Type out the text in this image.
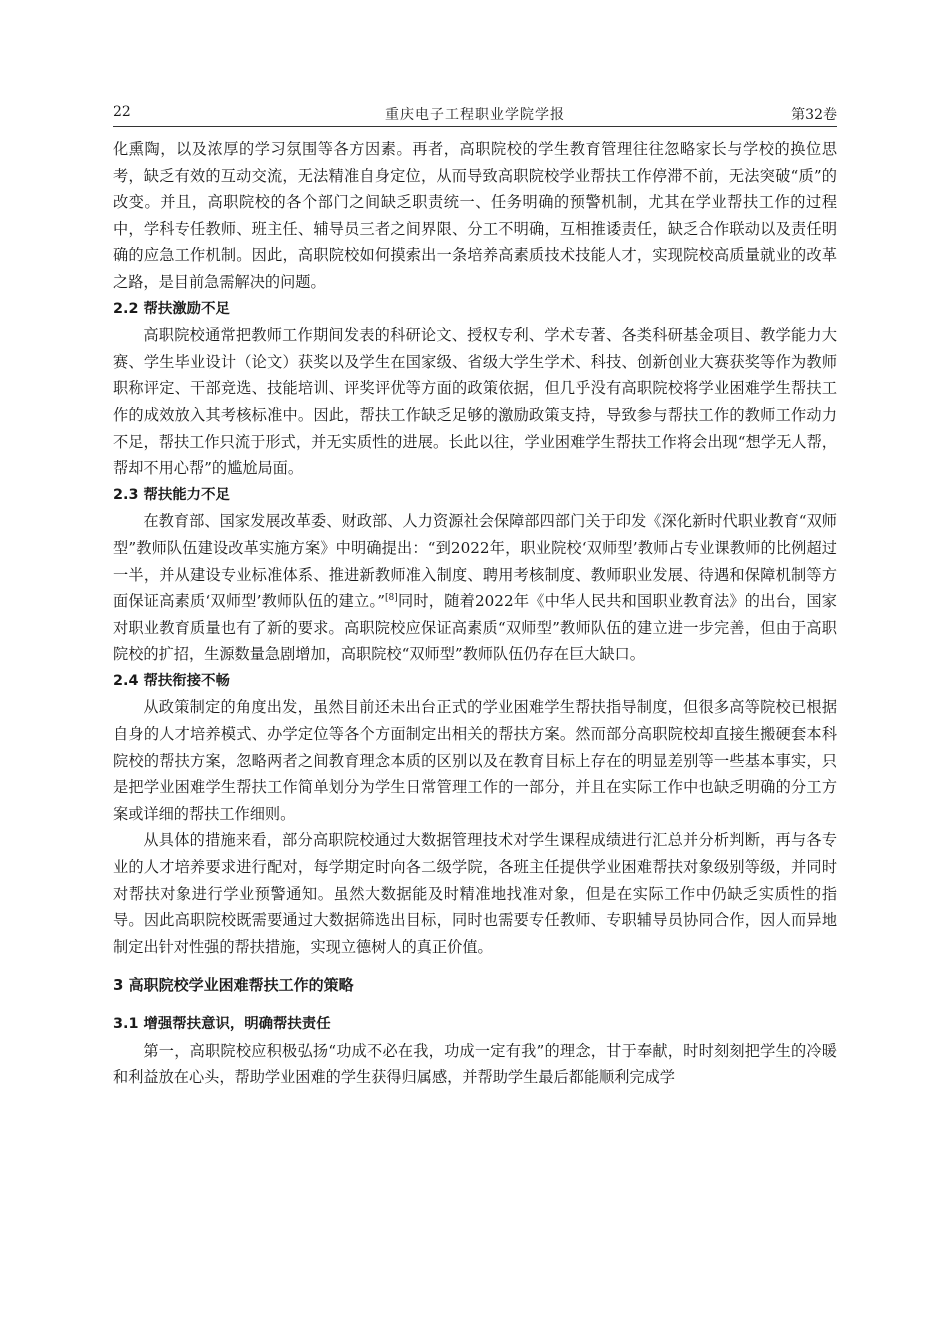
22	重庆电子工程职业学院学报	第32卷

化熏陶，以及浓厚的学习氛围等各方因素。再者，高职院校的学生教育管理往往忽略家长与学校的换位思考，缺乏有效的互动交流，无法精准自身定位，从而导致高职院校学业帮扶工作停滞不前，无法突破“质”的改变。并且，高职院校的各个部门之间缺乏职责统一、任务明确的预警机制，尤其在学业帮扶工作的过程中，学科专任教师、班主任、辅导员三者之间界限、分工不明确，互相推诿责任，缺乏合作联动以及责任明确的应急工作机制。因此，高职院校如何摸索出一条培养高素质技术技能人才，实现院校高质量就业的改革之路，是目前急需解决的问题。

2.2 帮扶激励不足

高职院校通常把教师工作期间发表的科研论文、授权专利、学术专著、各类科研基金项目、教学能力大赛、学生毕业设计（论文）获奖以及学生在国家级、省级大学生学术、科技、创新创业大赛获奖等作为教师职称评定、干部竞选、技能培训、评奖评优等方面的政策依据，但几乎没有高职院校将学业困难学生帮扶工作的成效放入其考核标准中。因此，帮扶工作缺乏足够的激励政策支持，导致参与帮扶工作的教师工作动力不足，帮扶工作只流于形式，并无实质性的进展。长此以往，学业困难学生帮扶工作将会出现“想学无人帮，帮却不用心帮”的尴尬局面。

2.3 帮扶能力不足

在教育部、国家发展改革委、财政部、人力资源社会保障部四部门关于印发《深化新时代职业教育“双师型”教师队伍建设改革实施方案》中明确提出：“到2022年，职业院校‘双师型’教师占专业课教师的比例超过一半，并从建设专业标准体系、推进新教师准入制度、聘用考核制度、教师职业发展、待遇和保障机制等方面保证高素质‘双师型’教师队伍的建立。”[8]同时，随着2022年《中华人民共和国职业教育法》的出台，国家对职业教育质量也有了新的要求。高职院校应保证高素质“双师型”教师队伍的建立进一步完善，但由于高职院校的扩招，生源数量急剧增加，高职院校“双师型”教师队伍仍存在巨大缺口。

2.4 帮扶衔接不畅

从政策制定的角度出发，虽然目前还未出台正式的学业困难学生帮扶指导制度，但很多高等院校已根据自身的人才培养模式、办学定位等各个方面制定出相关的帮扶方案。然而部分高职院校却直接生搬硬套本科院校的帮扶方案，忽略两者之间教育理念本质的区别以及在教育目标上存在的明显差别等一些基本事实，只是把学业困难学生帮扶工作简单划分为学生日常管理工作的一部分，并且在实际工作中也缺乏明确的分工方案或详细的帮扶工作细则。

从具体的措施来看，部分高职院校通过大数据管理技术对学生课程成绩进行汇总并分析判断，再与各专业的人才培养要求进行配对，每学期定时向各二级学院，各班主任提供学业困难帮扶对象级别等级，并同时对帮扶对象进行学业预警通知。虽然大数据能及时精准地找准对象，但是在实际工作中仍缺乏实质性的指导。因此高职院校既需要通过大数据筛选出目标，同时也需要专任教师、专职辅导员协同合作，因人而异地制定出针对性强的帮扶措施，实现立德树人的真正价值。

3 高职院校学业困难帮扶工作的策略
3.1 增强帮扶意识，明确帮扶责任

第一，高职院校应积极弘扬“功成不必在我，功成一定有我”的理念，甘于奉献，时时刻刻把学生的冷暖和利益放在心头，帮助学业困难的学生获得归属感，并帮助学生最后都能顺利完成学
